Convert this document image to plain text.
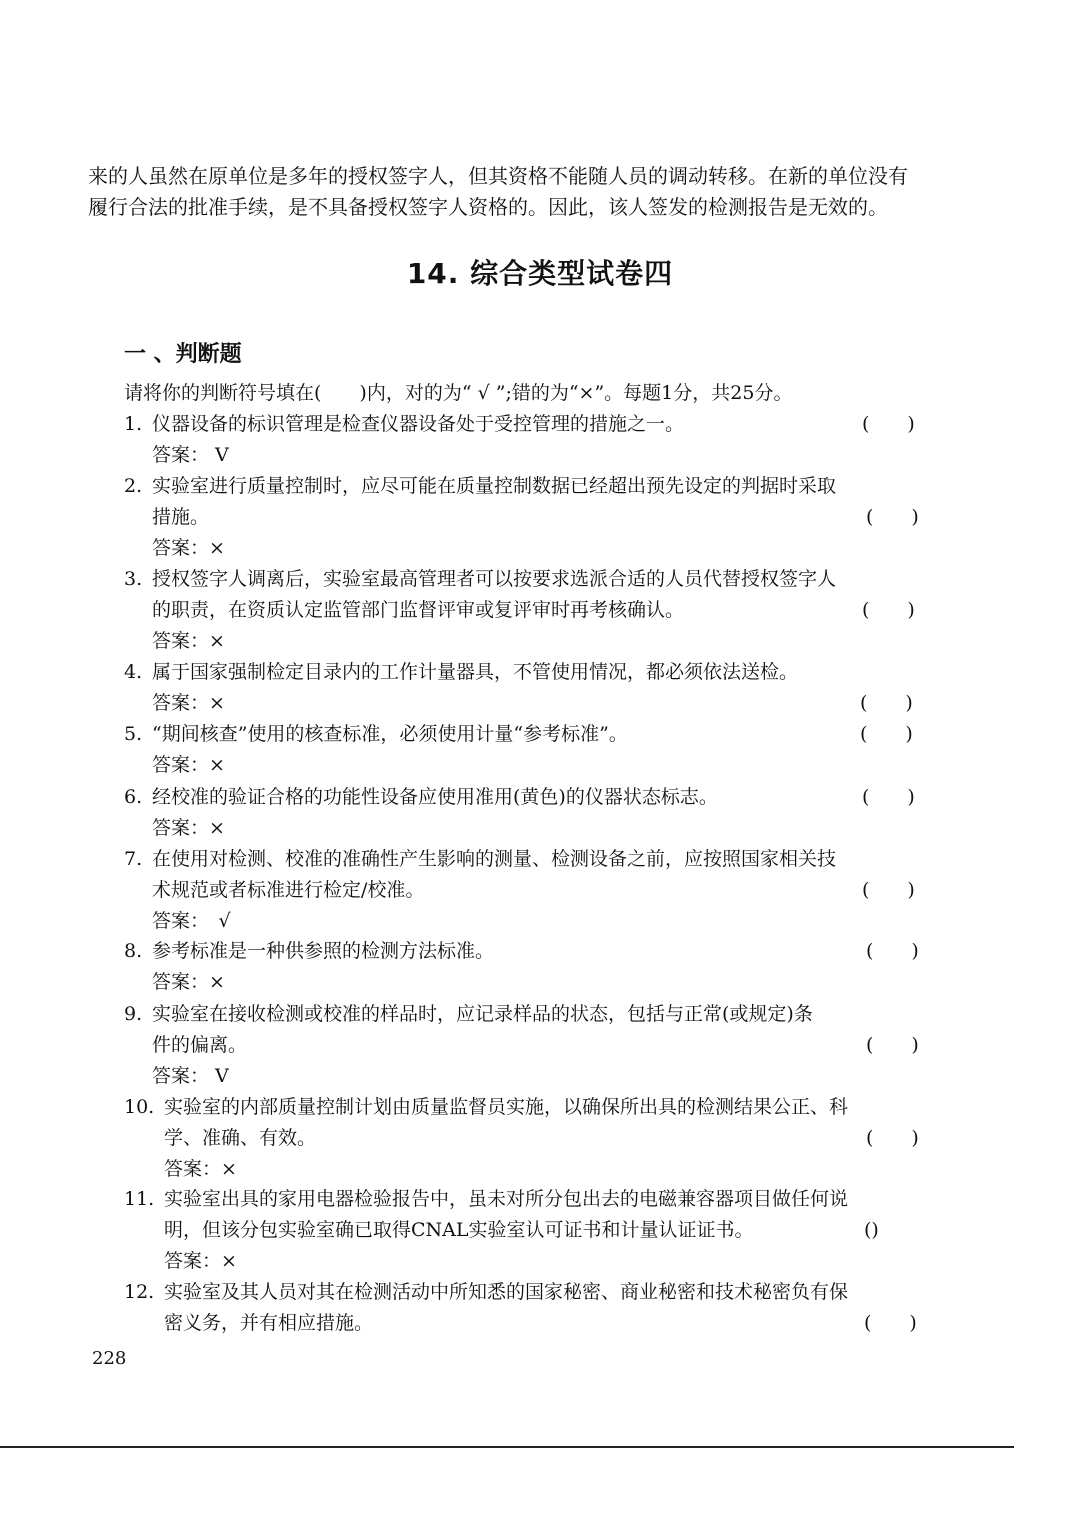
来的人虽然在原单位是多年的授权签字人，但其资格不能随人员的调动转移。在新的单位没有
履行合法的批准手续，是不具备授权签字人资格的。因此，该人签发的检测报告是无效的。
14. 综合类型试卷四
一 、判断题
请将你的判断符号填在(　　)内，对的为“ √ ”;错的为“×”。每题1分，共25分。
1. 仪器设备的标识管理是检查仪器设备处于受控管理的措施之一。	(　　)
答案： V
2. 实验室进行质量控制时，应尽可能在质量控制数据已经超出预先设定的判据时采取
措施。	(　　)
答案：×
3. 授权签字人调离后，实验室最高管理者可以按要求选派合适的人员代替授权签字人
的职责，在资质认定监管部门监督评审或复评审时再考核确认。	(　　)
答案：×
4. 属于国家强制检定目录内的工作计量器具，不管使用情况，都必须依法送检。
(　　)
答案：×
5. “期间核查”使用的核查标准，必须使用计量“参考标准”。	(　　)
答案：×
6. 经校准的验证合格的功能性设备应使用准用(黄色)的仪器状态标志。	(　　)
答案：×
7. 在使用对检测、校准的准确性产生影响的测量、检测设备之前，应按照国家相关技
术规范或者标准进行检定/校准。	(　　)
答案：　√
8. 参考标准是一种供参照的检测方法标准。	(　　)
答案：×
9. 实验室在接收检测或校准的样品时，应记录样品的状态，包括与正常(或规定)条
件的偏离。	(　　)
答案： V
10. 实验室的内部质量控制计划由质量监督员实施，以确保所出具的检测结果公正、科
学、准确、有效。	(　　)
答案：×
11. 实验室出具的家用电器检验报告中，虽未对所分包出去的电磁兼容器项目做任何说
明，但该分包实验室确已取得CNAL实验室认可证书和计量认证证书。	()
答案：×
12. 实验室及其人员对其在检测活动中所知悉的国家秘密、商业秘密和技术秘密负有保
密义务，并有相应措施。	(　　)
228
